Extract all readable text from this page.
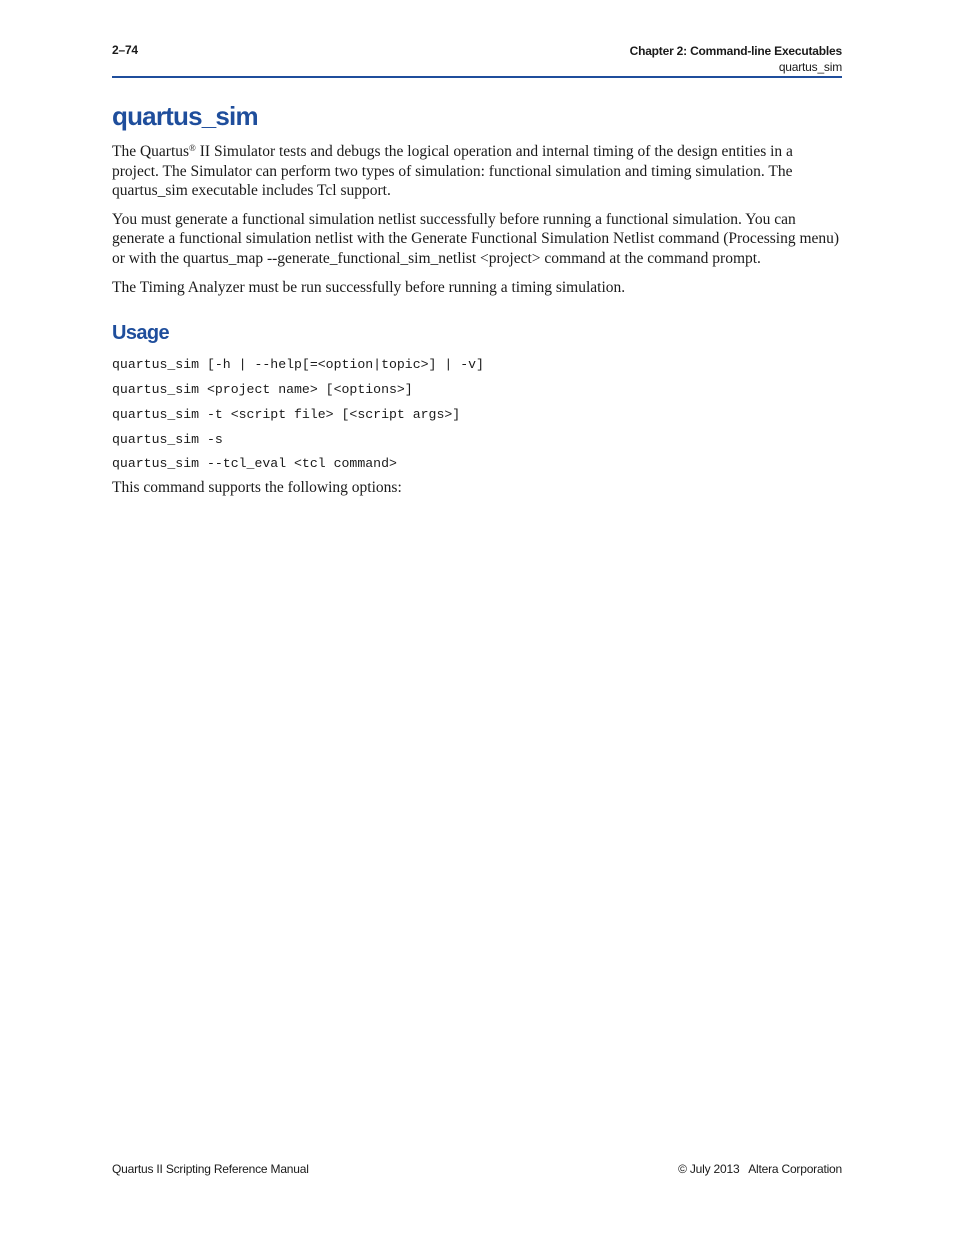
2–74	Chapter 2: Command-line Executables
quartus_sim
quartus_sim

The Quartus® II Simulator tests and debugs the logical operation and internal timing of the design entities in a project. The Simulator can perform two types of simulation: functional simulation and timing simulation. The quartus_sim executable includes Tcl support.

You must generate a functional simulation netlist successfully before running a functional simulation. You can generate a functional simulation netlist with the Generate Functional Simulation Netlist command (Processing menu) or with the quartus_map --generate_functional_sim_netlist <project> command at the command prompt.

The Timing Analyzer must be run successfully before running a timing simulation.

Usage
quartus_sim [-h | --help[=<option|topic>] | -v]
quartus_sim <project name> [<options>]
quartus_sim -t <script file> [<script args>]
quartus_sim -s
quartus_sim --tcl_eval <tcl command>

This command supports the following options:

Quartus II Scripting Reference Manual	© July 2013 Altera Corporation
